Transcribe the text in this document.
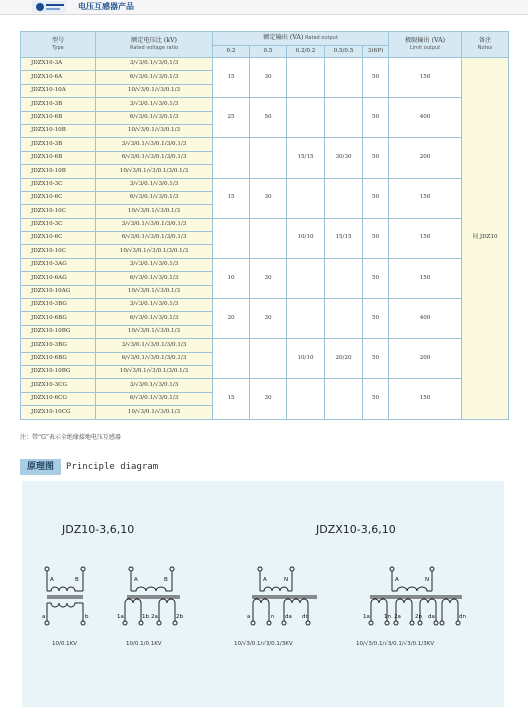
电压互感器产品
型号
Type	额定电压比 (kV)
Rated voltage ratio	额定输出 (VA) Rated output					极限输出 (VA)
Limit output	备注
Notes

		0.2	0.5	0.2/0.2	0.5/0.5	3(6P)		
JDZX10-3A	3/√3/0.1/√3/0.1/3	15	30			50	150	同 JDZ10
JDZX10-6A	6/√3/0.1/√3/0.1/3							
JDZX10-10A	10/√3/0.1/√3/0.1/3							
JDZX10-3B	3/√3/0.1/√3/0.1/3	25	50			50	400	
JDZX10-6B	6/√3/0.1/√3/0.1/3							
JDZX10-10B	10/√3/0.1/√3/0.1/3							
JDZX10-3B	3/√3/0.1/√3/0.1/3/0.1/3			15/15	30/30	50	200	
JDZX10-6B	6/√3/0.1/√3/0.1/3/0.1/3							
JDZX10-10B	10/√3/0.1/√3/0.1/3/0.1/3							
JDZX10-3C	3/√3/0.1/√3/0.1/3	15	30			50	150	
JDZX10-6C	6/√3/0.1/√3/0.1/3							
JDZX10-10C	10/√3/0.1/√3/0.1/3							
JDZX10-3C	3/√3/0.1/√3/0.1/3/0.1/3			10/10	15/15	50	150	
JDZX10-6C	6/√3/0.1/√3/0.1/3/0.1/3							
JDZX10-10C	10/√3/0.1/√3/0.1/3/0.1/3							
JDZX10-3AG	3/√3/0.1/√3/0.1/3	10	30			50	150	
JDZX10-6AG	6/√3/0.1/√3/0.1/3							
JDZX10-10AG	10/√3/0.1/√3/0.1/3							
JDZX10-3BG	3/√3/0.1/√3/0.1/3	20	30			50	400	
JDZX10-6BG	6/√3/0.1/√3/0.1/3							
JDZX10-10BG	10/√3/0.1/√3/0.1/3							
JDZX10-3BG	3/√3/0.1/√3/0.1/3/0.1/3			10/10	20/20	50	200	
JDZX10-6BG	6/√3/0.1/√3/0.1/3/0.1/3							
JDZX10-10BG	10/√3/0.1/√3/0.1/3/0.1/3							
JDZX10-3CG	3/√3/0.1/√3/0.1/3	15	30			50	150	
JDZX10-6CG	6/√3/0.1/√3/0.1/3							
JDZX10-10CG	10/√3/0.1/√3/0.1/3							
注：带“G”表示全绝缘接地电压互感器
原理图	Principle diagram
JDZ10-3,6,10	JDZX10-3,6,10
A	B
a	b
A	B
1a	1b 2a	2b
A	N
a	n da dn
A	N
1a	1n 2a	2n da	dn
10/0.1KV	10/0.1/0.1KV	10/√3/0.1/√3/0.1/3KV	10/√3/0.1/√3/0.1/√3/0.1/3KV
